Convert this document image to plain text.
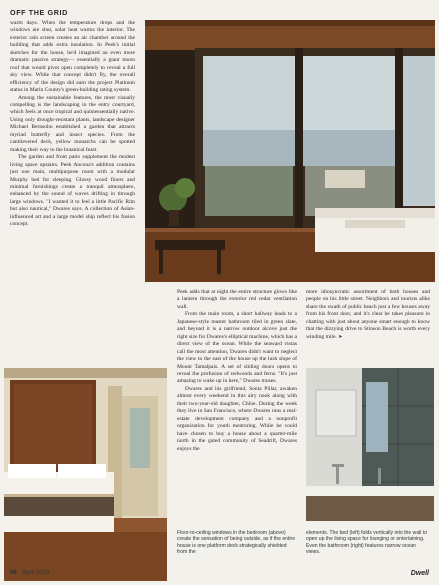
OFF THE GRID

warm days. When the temperature drops and the windows are shut, solar heat warms the interior. The exterior rain screen creates an air chamber around the building that adds extra insulation. In Peek's initial sketches for the house, he'd imagined an even more dramatic passive strategy— essentially a giant moon roof that would pivot open completely to reveal a full sky view. While that concept didn't fly, the overall efficiency of the design did earn the project Platinum status in Marin County's green-building rating system.

Among the sustainable features, the most visually compelling is the landscaping in the entry courtyard, which feels at once tropical and quintessentially native. Using only drought-resistant plants, landscape designer Michael Bernsohn established a garden that attracts myriad butterfly and insect species. From the cantilevered deck, yellow monarchs can be spotted making their way to the botanical feast.

The garden and front patio supplement the modest living space upstairs. Peek Ancona's addition contains just one main, multipurpose room with a modular Murphy bed for sleeping. Glossy wood floors and minimal furnishings create a tranquil atmosphere, enhanced by the sound of waves drifting in through large windows. "I wanted it to feel a little Pacific Rim but also nautical," Dwares says. A collection of Asian-influenced art and a large model ship reflect his fusion concept.

Peek adds that at night the entire structure glows like a lantern through the exterior red cedar ventilation wall.

From the main room, a short hallway leads to a Japanese-style master bathroom tiled in green slate, and beyond it is a narrow outdoor alcove just the right size for Dwares's elliptical machine, which has a direct view of the ocean. While the seaward vistas call the most attention, Dwares didn't want to neglect the view to the east of the house up the lush slope of Mount Tamalpais. A set of sliding doors opens to reveal the profusion of redwoods and ferns. "It's just amazing to wake up in here," Dwares muses.

Dwares and his girlfriend, Sonia Pillar, awaken almost every weekend in this airy nook along with their two-year-old daughter, Chloe. During the week they live in San Francisco, where Dwares runs a real-estate development company and a nonprofit organization for youth mentoring. While he could have chosen to buy a house about a quarter-mile north in the gated community of Seadrift, Dwares enjoys the

more idiosyncratic assortment of both houses and people on his little street. Neighbors and tourists alike share the swath of public beach just a few houses away from his front door, and it's clear he takes pleasure in chatting with just about anyone smart enough to know that the dizzying drive to Stinson Beach is worth every winding mile. ➤

Floor-to-ceiling windows in the bedroom (above) create the sensation of being outside, as if the entire house is one platform deck strategically shielded from the
elements. The bed (left) folds vertically into the wall to open up the living space for lounging or entertaining. Even the bathroom (right) features narrow ocean views.
68 April 2010	Dwell
